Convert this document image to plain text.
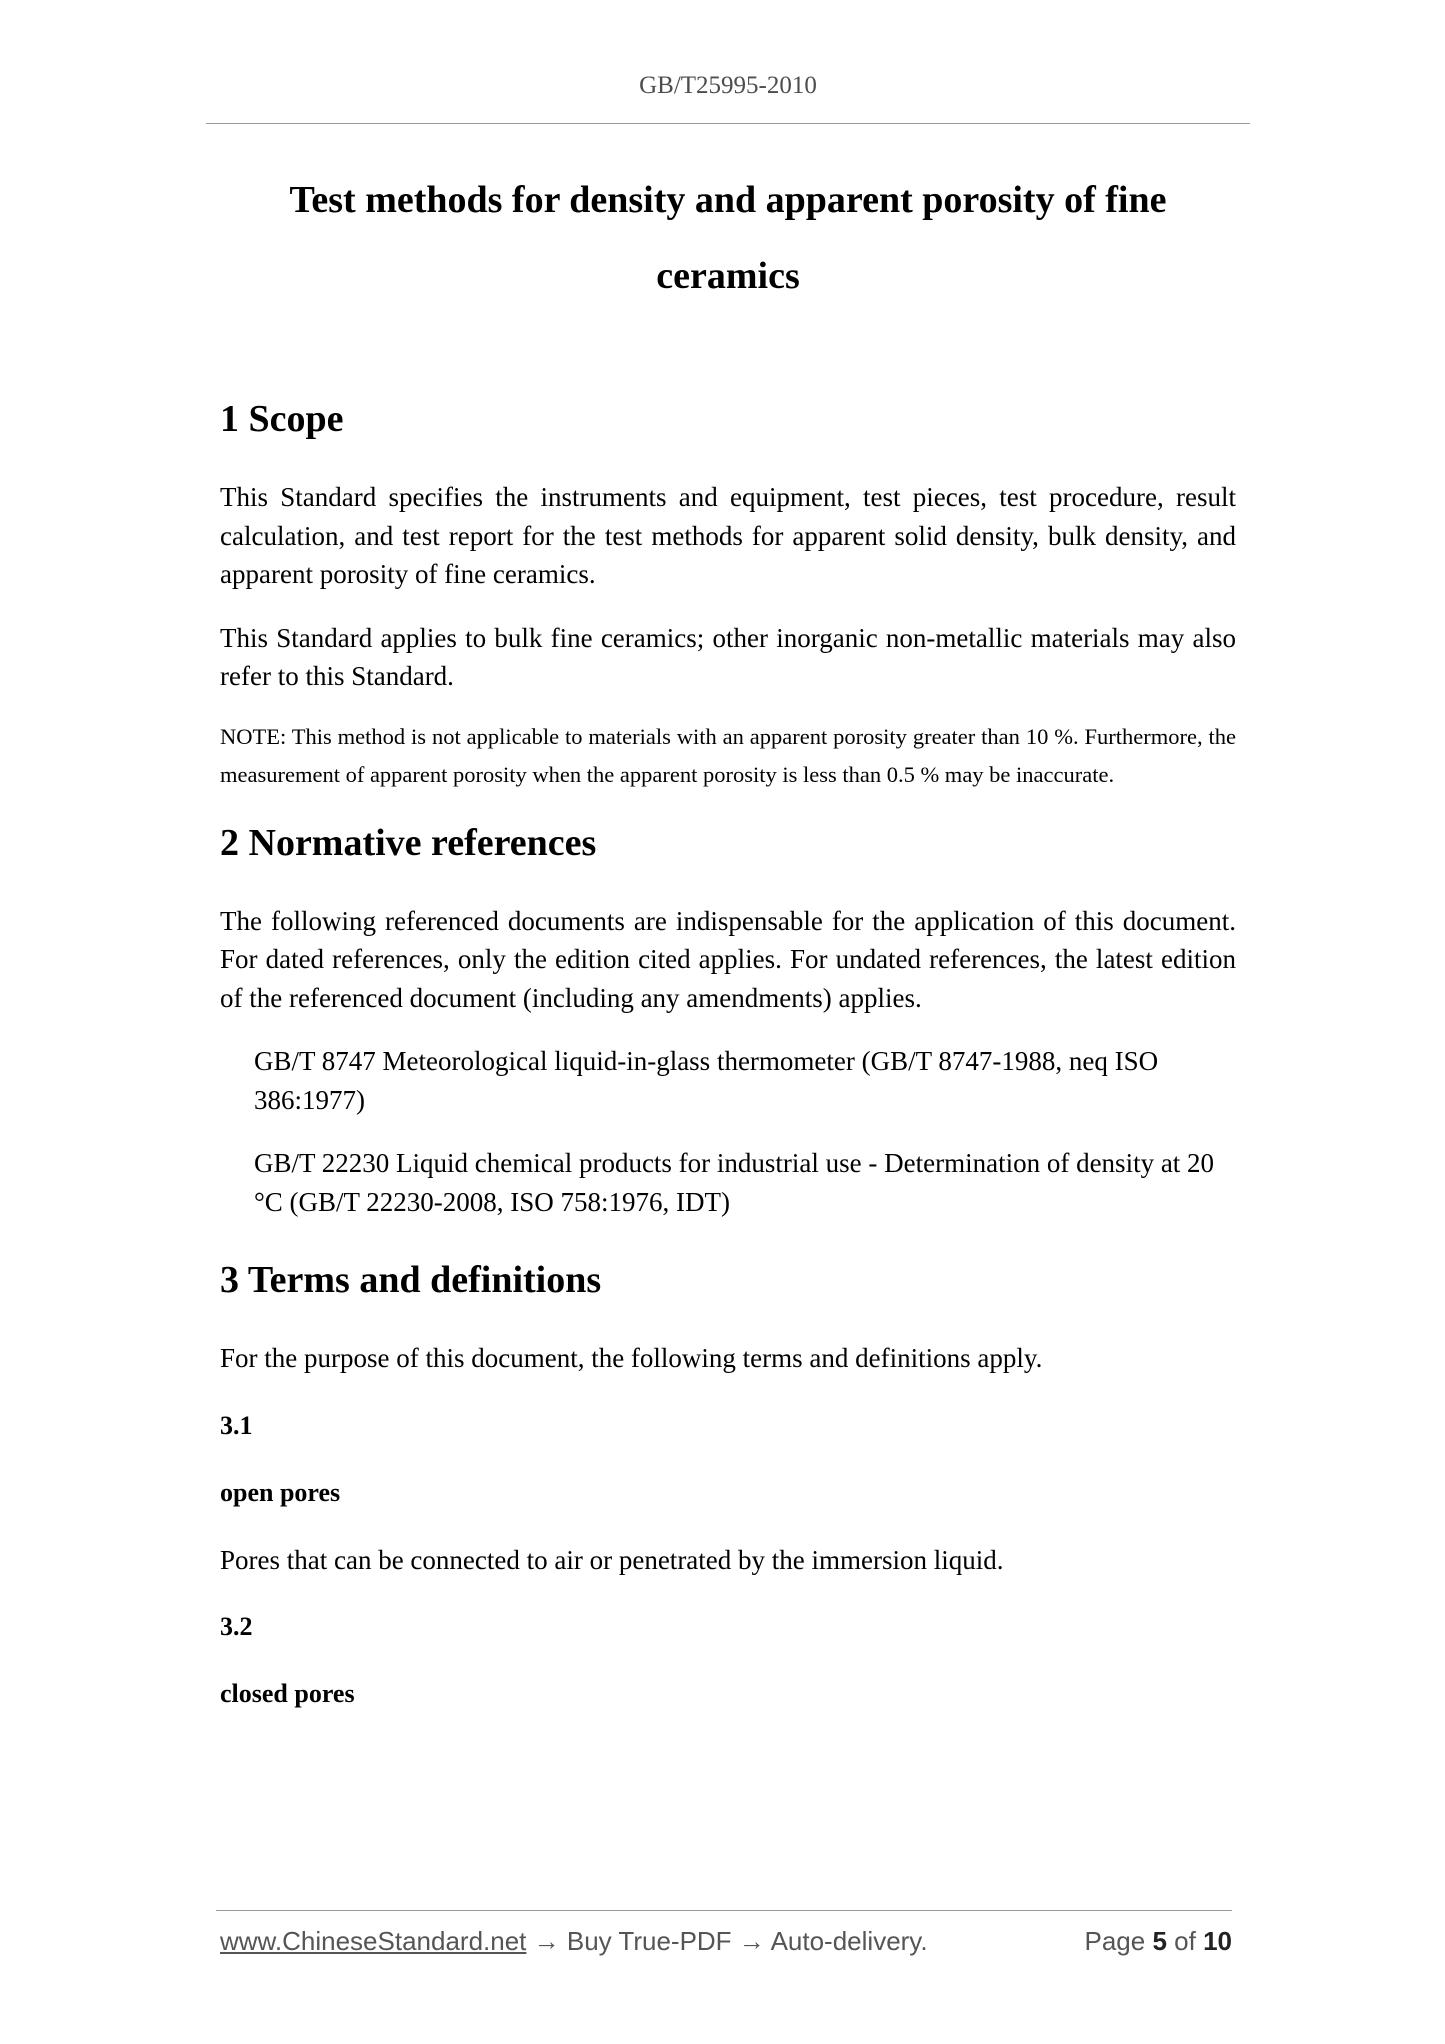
GB/T25995-2010
Test methods for density and apparent porosity of fine ceramics
1 Scope

This Standard specifies the instruments and equipment, test pieces, test procedure, result calculation, and test report for the test methods for apparent solid density, bulk density, and apparent porosity of fine ceramics.

This Standard applies to bulk fine ceramics; other inorganic non-metallic materials may also refer to this Standard.

NOTE: This method is not applicable to materials with an apparent porosity greater than 10 %. Furthermore, the measurement of apparent porosity when the apparent porosity is less than 0.5 % may be inaccurate.

2 Normative references

The following referenced documents are indispensable for the application of this document. For dated references, only the edition cited applies. For undated references, the latest edition of the referenced document (including any amendments) applies.

GB/T 8747 Meteorological liquid-in-glass thermometer (GB/T 8747-1988, neq ISO 386:1977)

GB/T 22230 Liquid chemical products for industrial use - Determination of density at 20 °C (GB/T 22230-2008, ISO 758:1976, IDT)

3 Terms and definitions

For the purpose of this document, the following terms and definitions apply.

3.1

open pores

Pores that can be connected to air or penetrated by the immersion liquid.

3.2

closed pores

www.ChineseStandard.net → Buy True-PDF → Auto-delivery.	Page 5 of 10
